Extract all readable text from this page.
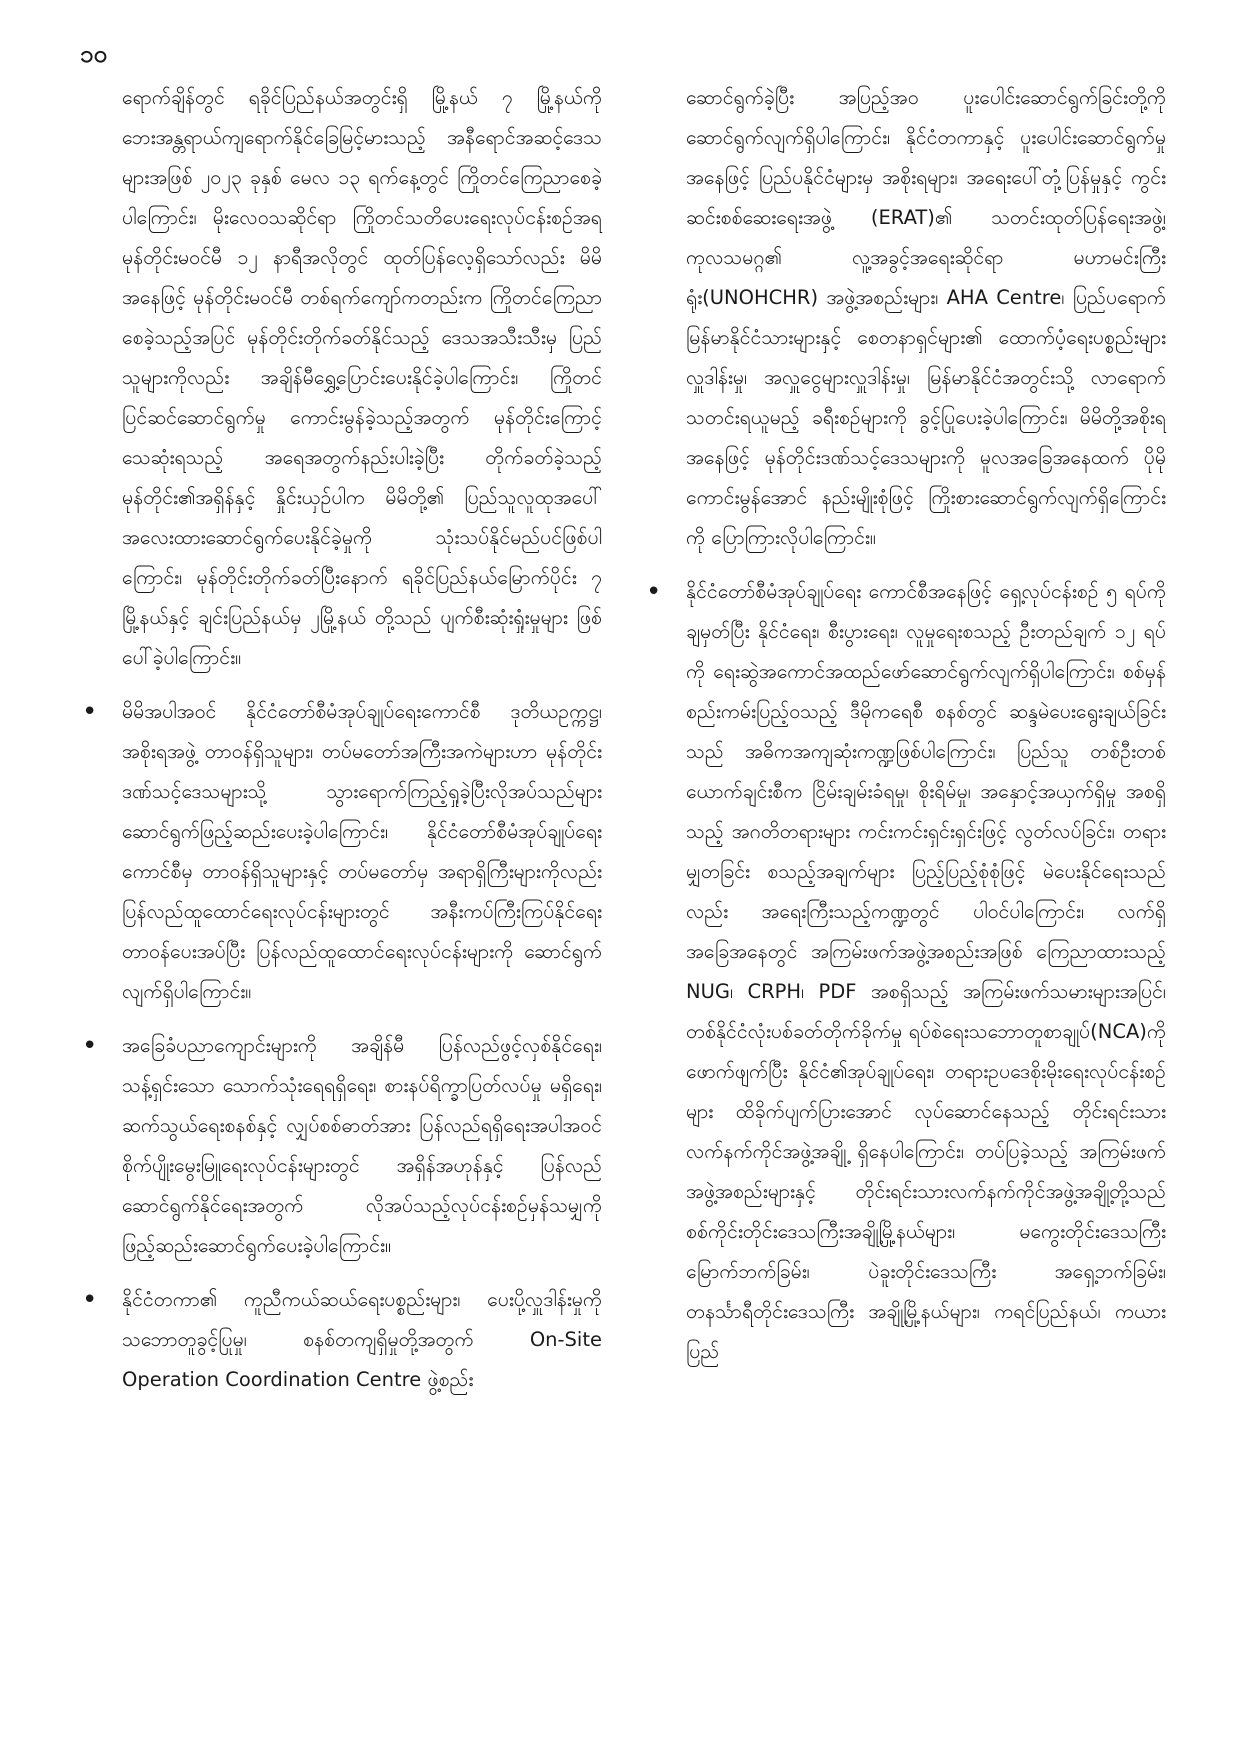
၁၀

ရောက်ချိန်တွင် ရခိုင်ပြည်နယ်အတွင်းရှိ မြို့နယ် ၇ မြို့နယ်ကို ဘေးအန္တရာယ်ကျရောက်နိုင်ခြေမြင့်မားသည့် အနီရောင်အဆင့်ဒေသများအဖြစ် ၂၀၂၃ ခုနှစ် မေလ ၁၃ ရက်နေ့တွင် ကြိုတင်ကြေညာစေခဲ့ပါကြောင်း၊ မိုးလေဝသဆိုင်ရာ ကြိုတင်သတိပေးရေးလုပ်ငန်းစဉ်အရ မုန်တိုင်းမဝင်မီ ၁၂ နာရီအလိုတွင် ထုတ်ပြန်လေ့ရှိသော်လည်း မိမိအနေဖြင့် မုန်တိုင်းမဝင်မီ တစ်ရက်ကျော်ကတည်းက ကြိုတင်ကြေညာစေခဲ့သည့်အပြင် မုန်တိုင်းတိုက်ခတ်နိုင်သည့် ဒေသအသီးသီးမှ ပြည်သူများကိုလည်း အချိန်မီရွှေ့ပြောင်းပေးနိုင်ခဲ့ပါကြောင်း၊ ကြိုတင်ပြင်ဆင်ဆောင်ရွက်မှု ကောင်းမွန်ခဲ့သည့်အတွက် မုန်တိုင်းကြောင့် သေဆုံးရသည့် အရေအတွက်နည်းပါးခဲ့ပြီး တိုက်ခတ်ခဲ့သည့် မုန်တိုင်း၏အရှိန်နှင့် နှိုင်းယှဉ်ပါက မိမိတို့၏ ပြည်သူလူထုအပေါ် အလေးထားဆောင်ရွက်ပေးနိုင်ခဲ့မှုကို သုံးသပ်နိုင်မည်ပင်ဖြစ်ပါကြောင်း၊ မုန်တိုင်းတိုက်ခတ်ပြီးနောက် ရခိုင်ပြည်နယ်မြောက်ပိုင်း ၇ မြို့နယ်နှင့် ချင်းပြည်နယ်မှ ၂မြို့နယ် တို့သည် ပျက်စီးဆုံးရှုံးမှုများ ဖြစ်ပေါ်ခဲ့ပါကြောင်း။

• မိမိအပါအဝင် နိုင်ငံတော်စီမံအုပ်ချုပ်ရေးကောင်စီ ဒုတိယဥက္ကဋ္ဌ၊ အစိုးရအဖွဲ့ တာဝန်ရှိသူများ၊ တပ်မတော်အကြီးအကဲများဟာ မုန်တိုင်းဒဏ်သင့်ဒေသများသို့ သွားရောက်ကြည့်ရှုခဲ့ပြီးလိုအပ်သည်များ ဆောင်ရွက်ဖြည့်ဆည်းပေးခဲ့ပါကြောင်း၊ နိုင်ငံတော်စီမံအုပ်ချုပ်ရေးကောင်စီမှ တာဝန်ရှိသူများနှင့် တပ်မတော်မှ အရာရှိကြီးများကိုလည်း ပြန်လည်ထူထောင်ရေးလုပ်ငန်းများတွင် အနီးကပ်ကြီးကြပ်နိုင်ရေး တာဝန်ပေးအပ်ပြီး ပြန်လည်ထူထောင်ရေးလုပ်ငန်းများကို ဆောင်ရွက်လျက်ရှိပါကြောင်း။
• အခြေခံပညာကျောင်းများကို အချိန်မီ ပြန်လည်ဖွင့်လှစ်နိုင်ရေး၊ သန့်ရှင်းသော သောက်သုံးရေရရှိရေး၊ စားနပ်ရိက္ခာပြတ်လပ်မှု မရှိရေး၊ ဆက်သွယ်ရေးစနစ်နှင့် လျှပ်စစ်ဓာတ်အား ပြန်လည်ရရှိရေးအပါအဝင် စိုက်ပျိုးမွေးမြူရေးလုပ်ငန်းများတွင် အရှိန်အဟုန်နှင့် ပြန်လည်ဆောင်ရွက်နိုင်ရေးအတွက် လိုအပ်သည့်လုပ်ငန်းစဉ်မှန်သမျှကို ဖြည့်ဆည်းဆောင်ရွက်ပေးခဲ့ပါကြောင်း။
• နိုင်ငံတကာ၏ ကူညီကယ်ဆယ်ရေးပစ္စည်းများ၊ ပေးပို့လှူဒါန်းမှုကို သဘောတူခွင့်ပြုမှု၊ စနစ်တကျရှိမှုတို့အတွက် On-Site Operation Coordination Centre ဖွဲ့စည်း

ဆောင်ရွက်ခဲ့ပြီး အပြည့်အဝ ပူးပေါင်းဆောင်ရွက်ခြင်းတို့ကို ဆောင်ရွက်လျက်ရှိပါကြောင်း၊ နိုင်ငံတကာနှင့် ပူးပေါင်းဆောင်ရွက်မှုအနေဖြင့် ပြည်ပနိုင်ငံများမှ အစိုးရများ၊ အရေးပေါ်တုံ့ပြန်မှုနှင့် ကွင်းဆင်းစစ်ဆေးရေးအဖွဲ့ (ERAT)၏ သတင်းထုတ်ပြန်ရေးအဖွဲ့၊ ကုလသမဂ္ဂ၏ လူ့အခွင့်အရေးဆိုင်ရာ မဟာမင်းကြီးရုံး(UNOHCHR) အဖွဲ့အစည်းများ၊ AHA Centre၊ ပြည်ပရောက် မြန်မာနိုင်ငံသားများနှင့် စေတနာရှင်များ၏ ထောက်ပံ့ရေးပစ္စည်းများ လှူဒါန်းမှု၊ အလှူငွေများလှူဒါန်းမှု၊ မြန်မာနိုင်ငံအတွင်းသို့ လာရောက်သတင်းရယူမည့် ခရီးစဉ်များကို ခွင့်ပြုပေးခဲ့ပါကြောင်း၊ မိမိတို့အစိုးရအနေဖြင့် မုန်တိုင်းဒဏ်သင့်ဒေသများကို မူလအခြေအနေထက် ပိုမိုကောင်းမွန်အောင် နည်းမျိုးစုံဖြင့် ကြိုးစားဆောင်ရွက်လျက်ရှိကြောင်းကို ပြောကြားလိုပါကြောင်း။

• နိုင်ငံတော်စီမံအုပ်ချုပ်ရေး ကောင်စီအနေဖြင့် ရှေ့လုပ်ငန်းစဉ် ၅ ရပ်ကိုချမှတ်ပြီး နိုင်ငံရေး၊ စီးပွားရေး၊ လူမှုရေးစသည့် ဦးတည်ချက် ၁၂ ရပ်ကို ရေးဆွဲအကောင်အထည်ဖော်ဆောင်ရွက်လျက်ရှိပါကြောင်း၊ စစ်မှန်စည်းကမ်းပြည့်ဝသည့် ဒီမိုကရေစီ စနစ်တွင် ဆန္ဒမဲပေးရွေးချယ်ခြင်းသည် အဓိကအကျဆုံးကဏ္ဍဖြစ်ပါကြောင်း၊ ပြည်သူ တစ်ဦးတစ်ယောက်ချင်းစီက ငြိမ်းချမ်းခံရမှု၊ စိုးရိမ်မှု၊ အနှောင့်အယှက်ရှိမှု အစရှိသည့် အဂတိတရားများ ကင်းကင်းရှင်းရှင်းဖြင့် လွတ်လပ်ခြင်း၊ တရားမျှတခြင်း စသည့်အချက်များ ပြည့်ပြည့်စုံစုံဖြင့် မဲပေးနိုင်ရေးသည်လည်း အရေးကြီးသည့်ကဏ္ဍတွင် ပါဝင်ပါကြောင်း၊ လက်ရှိအခြေအနေတွင် အကြမ်းဖက်အဖွဲ့အစည်းအဖြစ် ကြေညာထားသည့် NUG၊ CRPH၊ PDF အစရှိသည့် အကြမ်းဖက်သမားများအပြင်၊ တစ်နိုင်ငံလုံးပစ်ခတ်တိုက်ခိုက်မှု ရပ်စဲရေးသဘောတူစာချုပ်(NCA)ကို ဖောက်ဖျက်ပြီး နိုင်ငံ၏အုပ်ချုပ်ရေး၊ တရားဥပဒေစိုးမိုးရေးလုပ်ငန်းစဉ်များ ထိခိုက်ပျက်ပြားအောင် လုပ်ဆောင်နေသည့် တိုင်းရင်းသားလက်နက်ကိုင်အဖွဲ့အချို့ ရှိနေပါကြောင်း၊ တပ်ပြခဲ့သည့် အကြမ်းဖက်အဖွဲ့အစည်းများနှင့် တိုင်းရင်းသားလက်နက်ကိုင်အဖွဲ့အချို့တို့သည် စစ်ကိုင်းတိုင်းဒေသကြီးအချို့မြို့နယ်များ၊ မကွေးတိုင်းဒေသကြီး မြောက်ဘက်ခြမ်း၊ ပဲခူးတိုင်းဒေသကြီး အရှေ့ဘက်ခြမ်း၊ တနင်္သာရီတိုင်းဒေသကြီး အချို့မြို့နယ်များ၊ ကရင်ပြည်နယ်၊ ကယားပြည်
